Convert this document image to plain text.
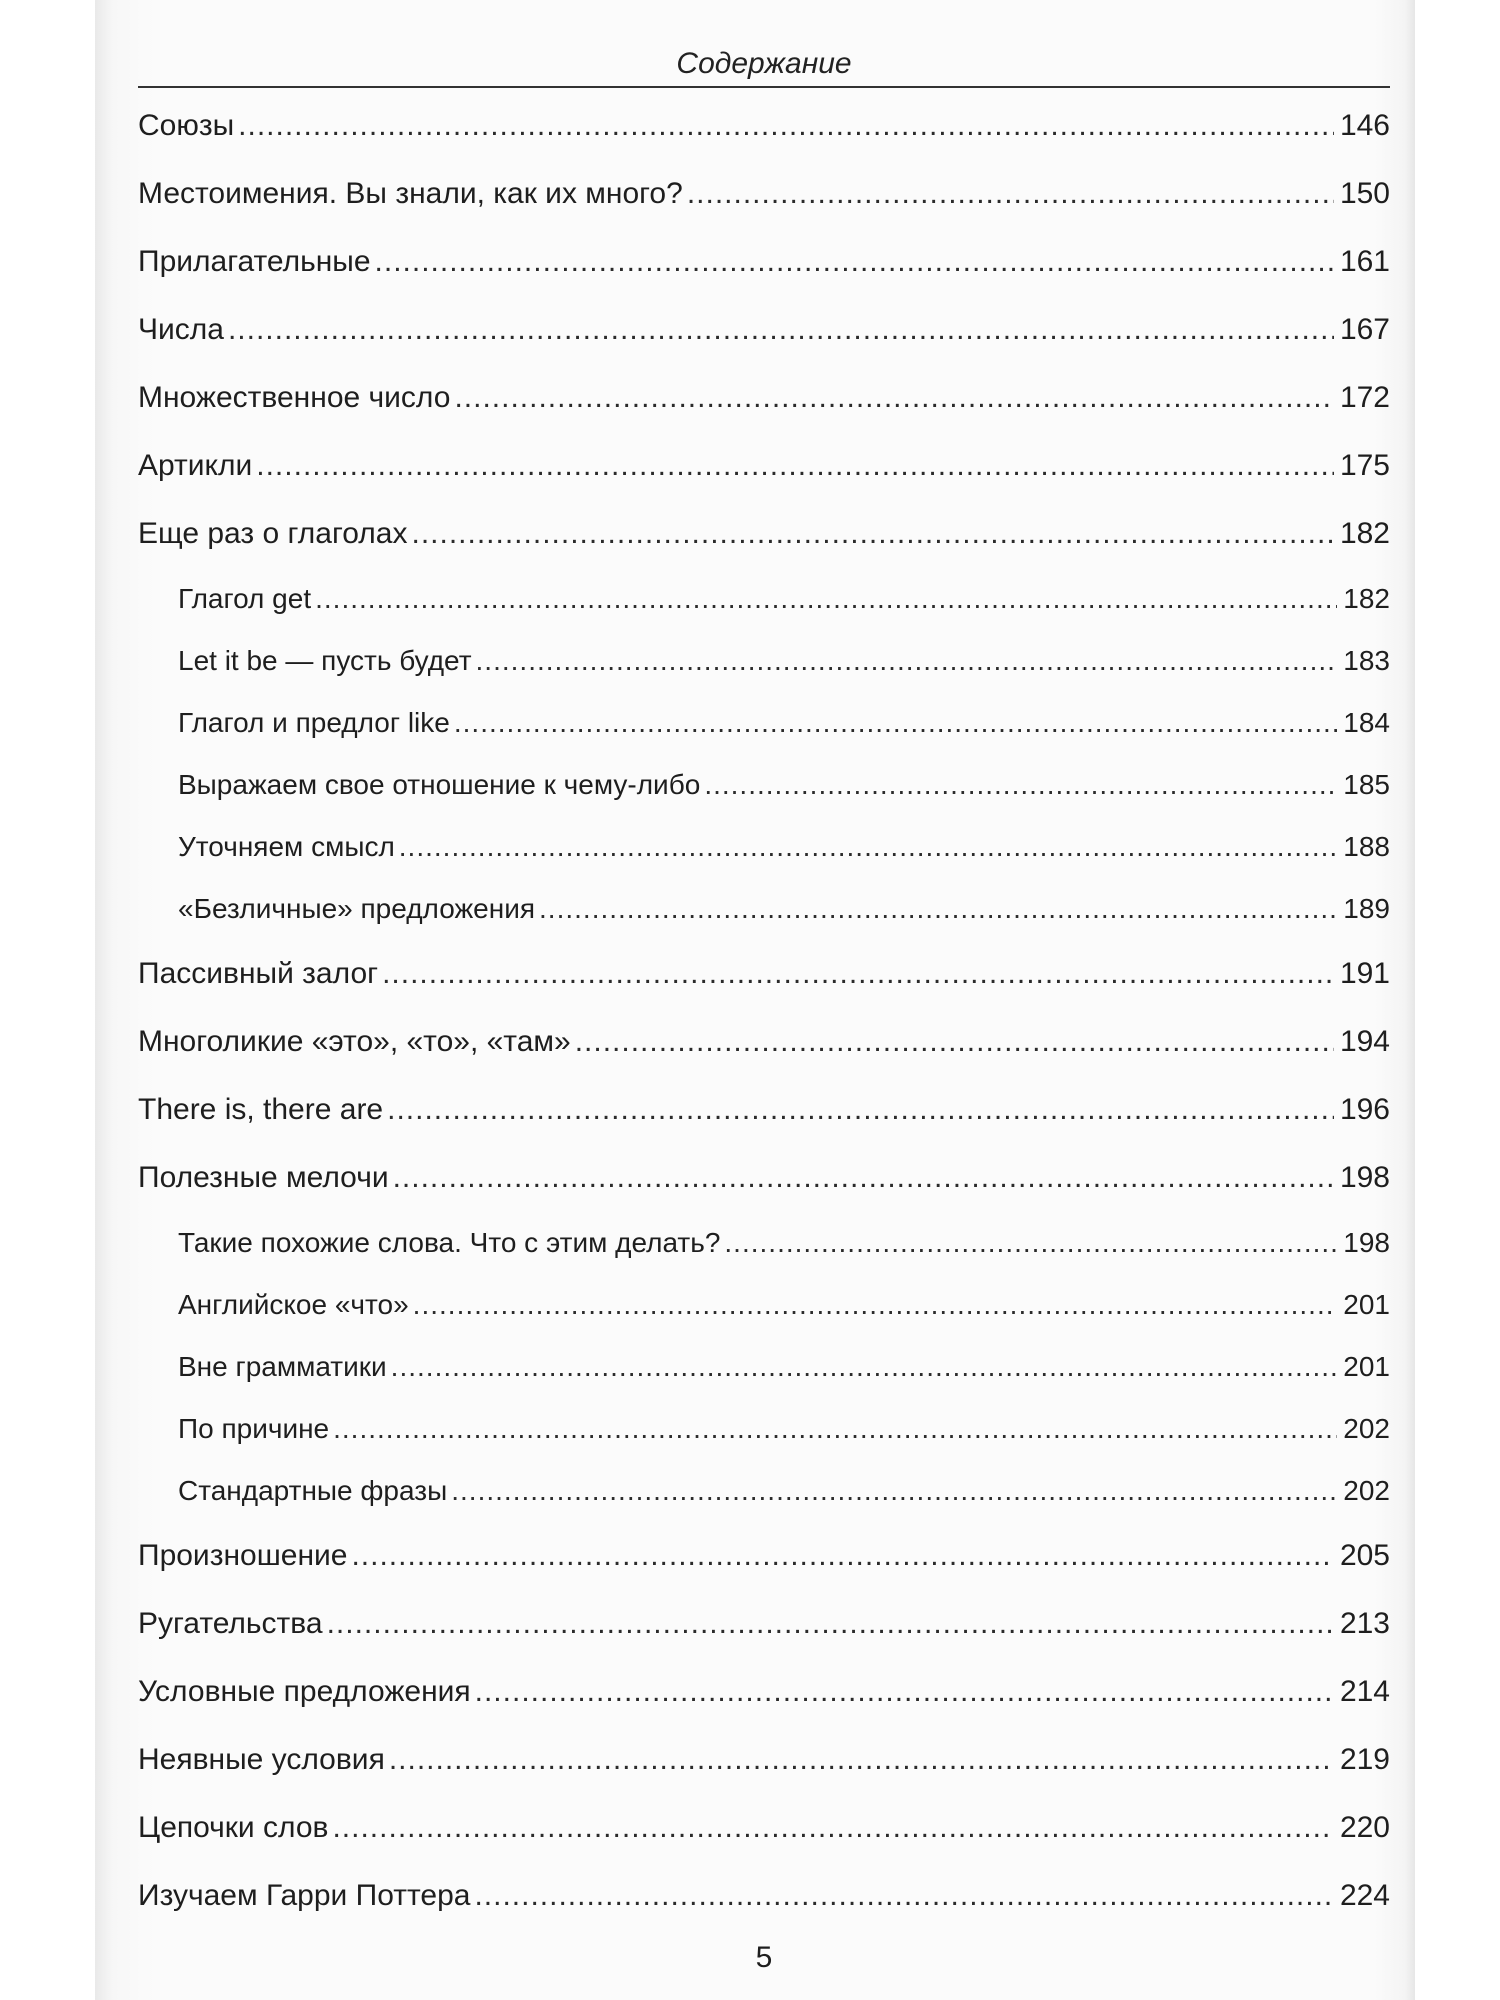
Содержание
Союзы .....	146
Местоимения. Вы знали, как их много? .....	150
Прилагательные .....	161
Числа .....	167
Множественное число .....	172
Артикли .....	175
Еще раз о глаголах .....	182
Глагол get .....	182
Let it be — пусть будет .....	183
Глагол и предлог like .....	184
Выражаем свое отношение к чему-либо .....	185
Уточняем смысл .....	188
«Безличные» предложения .....	189
Пассивный залог .....	191
Многоликие «это», «то», «там» .....	194
There is, there are .....	196
Полезные мелочи .....	198
Такие похожие слова. Что с этим делать? .....	198
Английское «что» .....	201
Вне грамматики .....	201
По причине .....	202
Стандартные фразы .....	202
Произношение .....	205
Ругательства .....	213
Условные предложения .....	214
Неявные условия .....	219
Цепочки слов .....	220
Изучаем Гарри Поттера .....	224
5
